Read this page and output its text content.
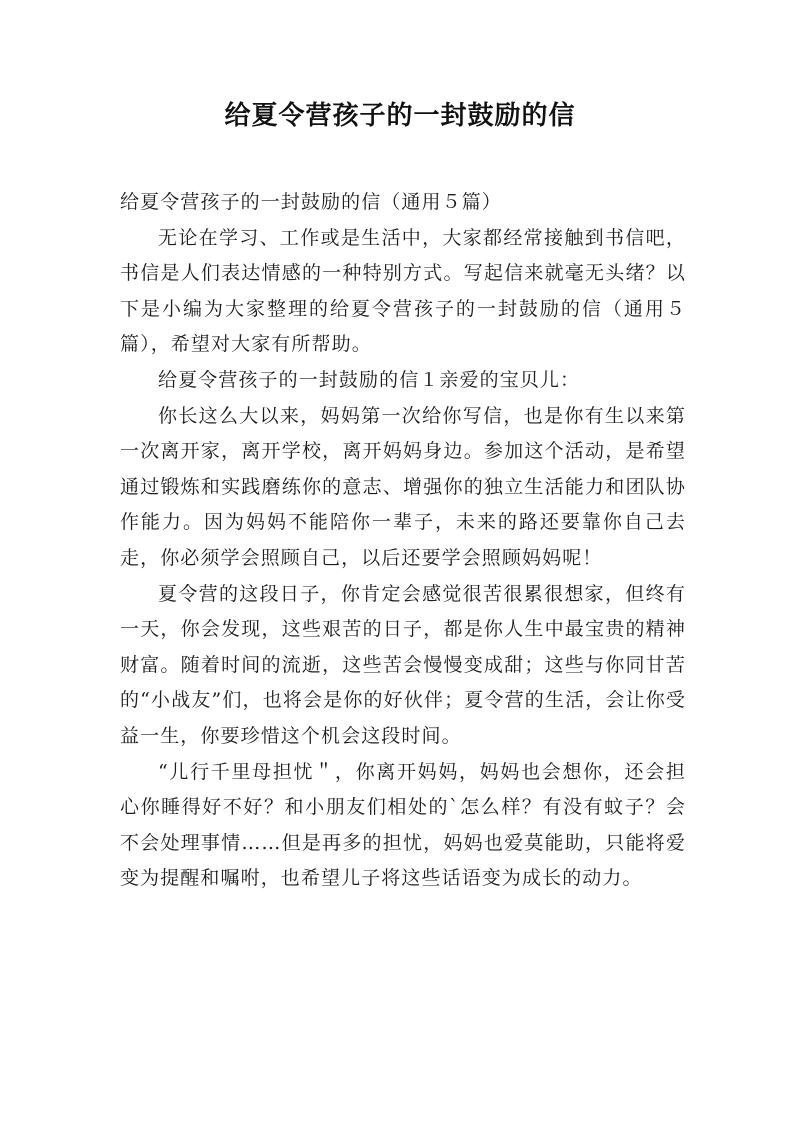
给夏令营孩子的一封鼓励的信

给夏令营孩子的一封鼓励的信（通用５篇）

无论在学习、工作或是生活中，大家都经常接触到书信吧，书信是人们表达情感的一种特别方式。写起信来就毫无头绪？以下是小编为大家整理的给夏令营孩子的一封鼓励的信（通用５篇），希望对大家有所帮助。

给夏令营孩子的一封鼓励的信１亲爱的宝贝儿：

你长这么大以来，妈妈第一次给你写信，也是你有生以来第一次离开家，离开学校，离开妈妈身边。参加这个活动，是希望通过锻炼和实践磨练你的意志、增强你的独立生活能力和团队协作能力。因为妈妈不能陪你一辈子，未来的路还要靠你自己去走，你必须学会照顾自己，以后还要学会照顾妈妈呢！

夏令营的这段日子，你肯定会感觉很苦很累很想家，但终有一天，你会发现，这些艰苦的日子，都是你人生中最宝贵的精神财富。随着时间的流逝，这些苦会慢慢变成甜；这些与你同甘苦的“小战友”们，也将会是你的好伙伴；夏令营的生活，会让你受益一生，你要珍惜这个机会这段时间。

“儿行千里母担忧＂，你离开妈妈，妈妈也会想你，还会担心你睡得好不好？和小朋友们相处的`怎么样？有没有蚊子？会不会处理事情……但是再多的担忧，妈妈也爱莫能助，只能将爱变为提醒和嘱咐，也希望儿子将这些话语变为成长的动力。
